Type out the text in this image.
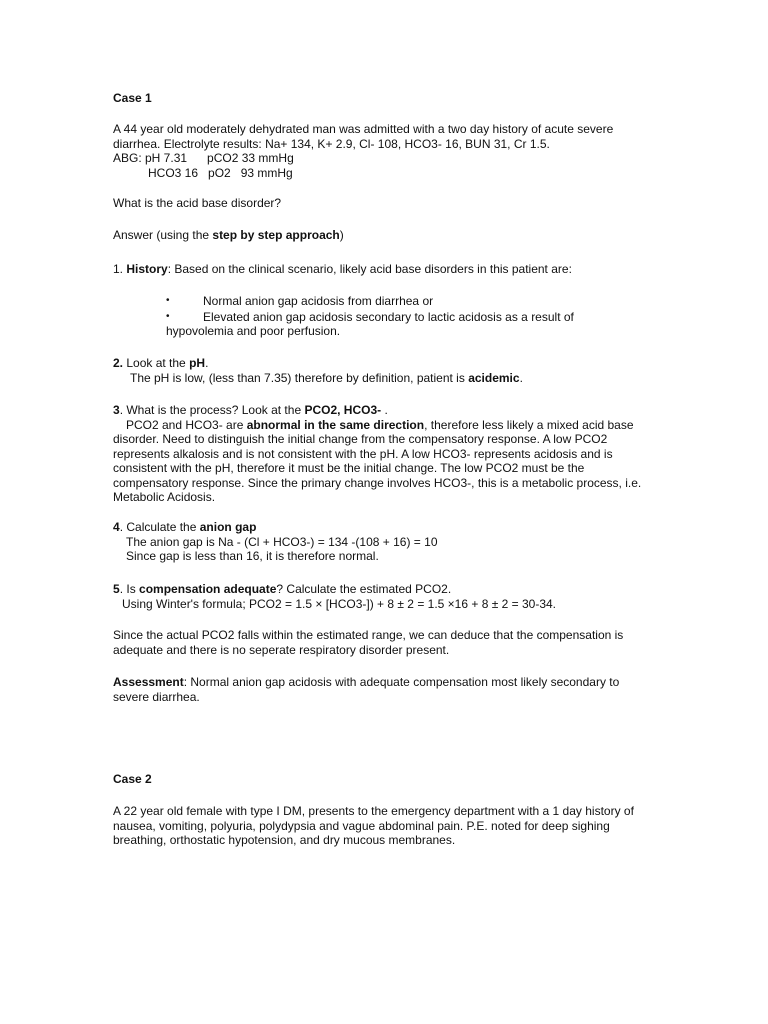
Case 1

A 44 year old moderately dehydrated man was admitted with a two day history of acute severe

diarrhea. Electrolyte results: Na+ 134, K+ 2.9, Cl- 108, HCO3- 16, BUN 31, Cr 1.5.

ABG: pH 7.31      pCO2 33 mmHg

HCO3 16   pO2   93 mmHg

What is the acid base disorder?

Answer (using the step by step approach)

1. History: Based on the clinical scenario, likely acid base disorders in this patient are:

•	Normal anion gap acidosis from diarrhea or
•	Elevated anion gap acidosis secondary to lactic acidosis as a result of
hypovolemia and poor perfusion.

2. Look at the pH.

The pH is low, (less than 7.35) therefore by definition, patient is acidemic.

3. What is the process? Look at the PCO2, HCO3- .

PCO2 and HCO3- are abnormal in the same direction, therefore less likely a mixed acid base

disorder. Need to distinguish the initial change from the compensatory response. A low PCO2

represents alkalosis and is not consistent with the pH. A low HCO3- represents acidosis and is

consistent with the pH, therefore it must be the initial change. The low PCO2 must be the

compensatory response. Since the primary change involves HCO3-, this is a metabolic process, i.e.

Metabolic Acidosis.

4. Calculate the anion gap

The anion gap is Na - (Cl + HCO3-) = 134 -(108 + 16) = 10

Since gap is less than 16, it is therefore normal.

5. Is compensation adequate? Calculate the estimated PCO2.

Using Winter's formula; PCO2 = 1.5 × [HCO3-]) + 8 ± 2 = 1.5 ×16 + 8 ± 2 = 30-34.

Since the actual PCO2 falls within the estimated range, we can deduce that the compensation is

adequate and there is no seperate respiratory disorder present.

Assessment: Normal anion gap acidosis with adequate compensation most likely secondary to

severe diarrhea.

Case 2

A 22 year old female with type I DM, presents to the emergency department with a 1 day history of

nausea, vomiting, polyuria, polydypsia and vague abdominal pain. P.E. noted for deep sighing

breathing, orthostatic hypotension, and dry mucous membranes.
